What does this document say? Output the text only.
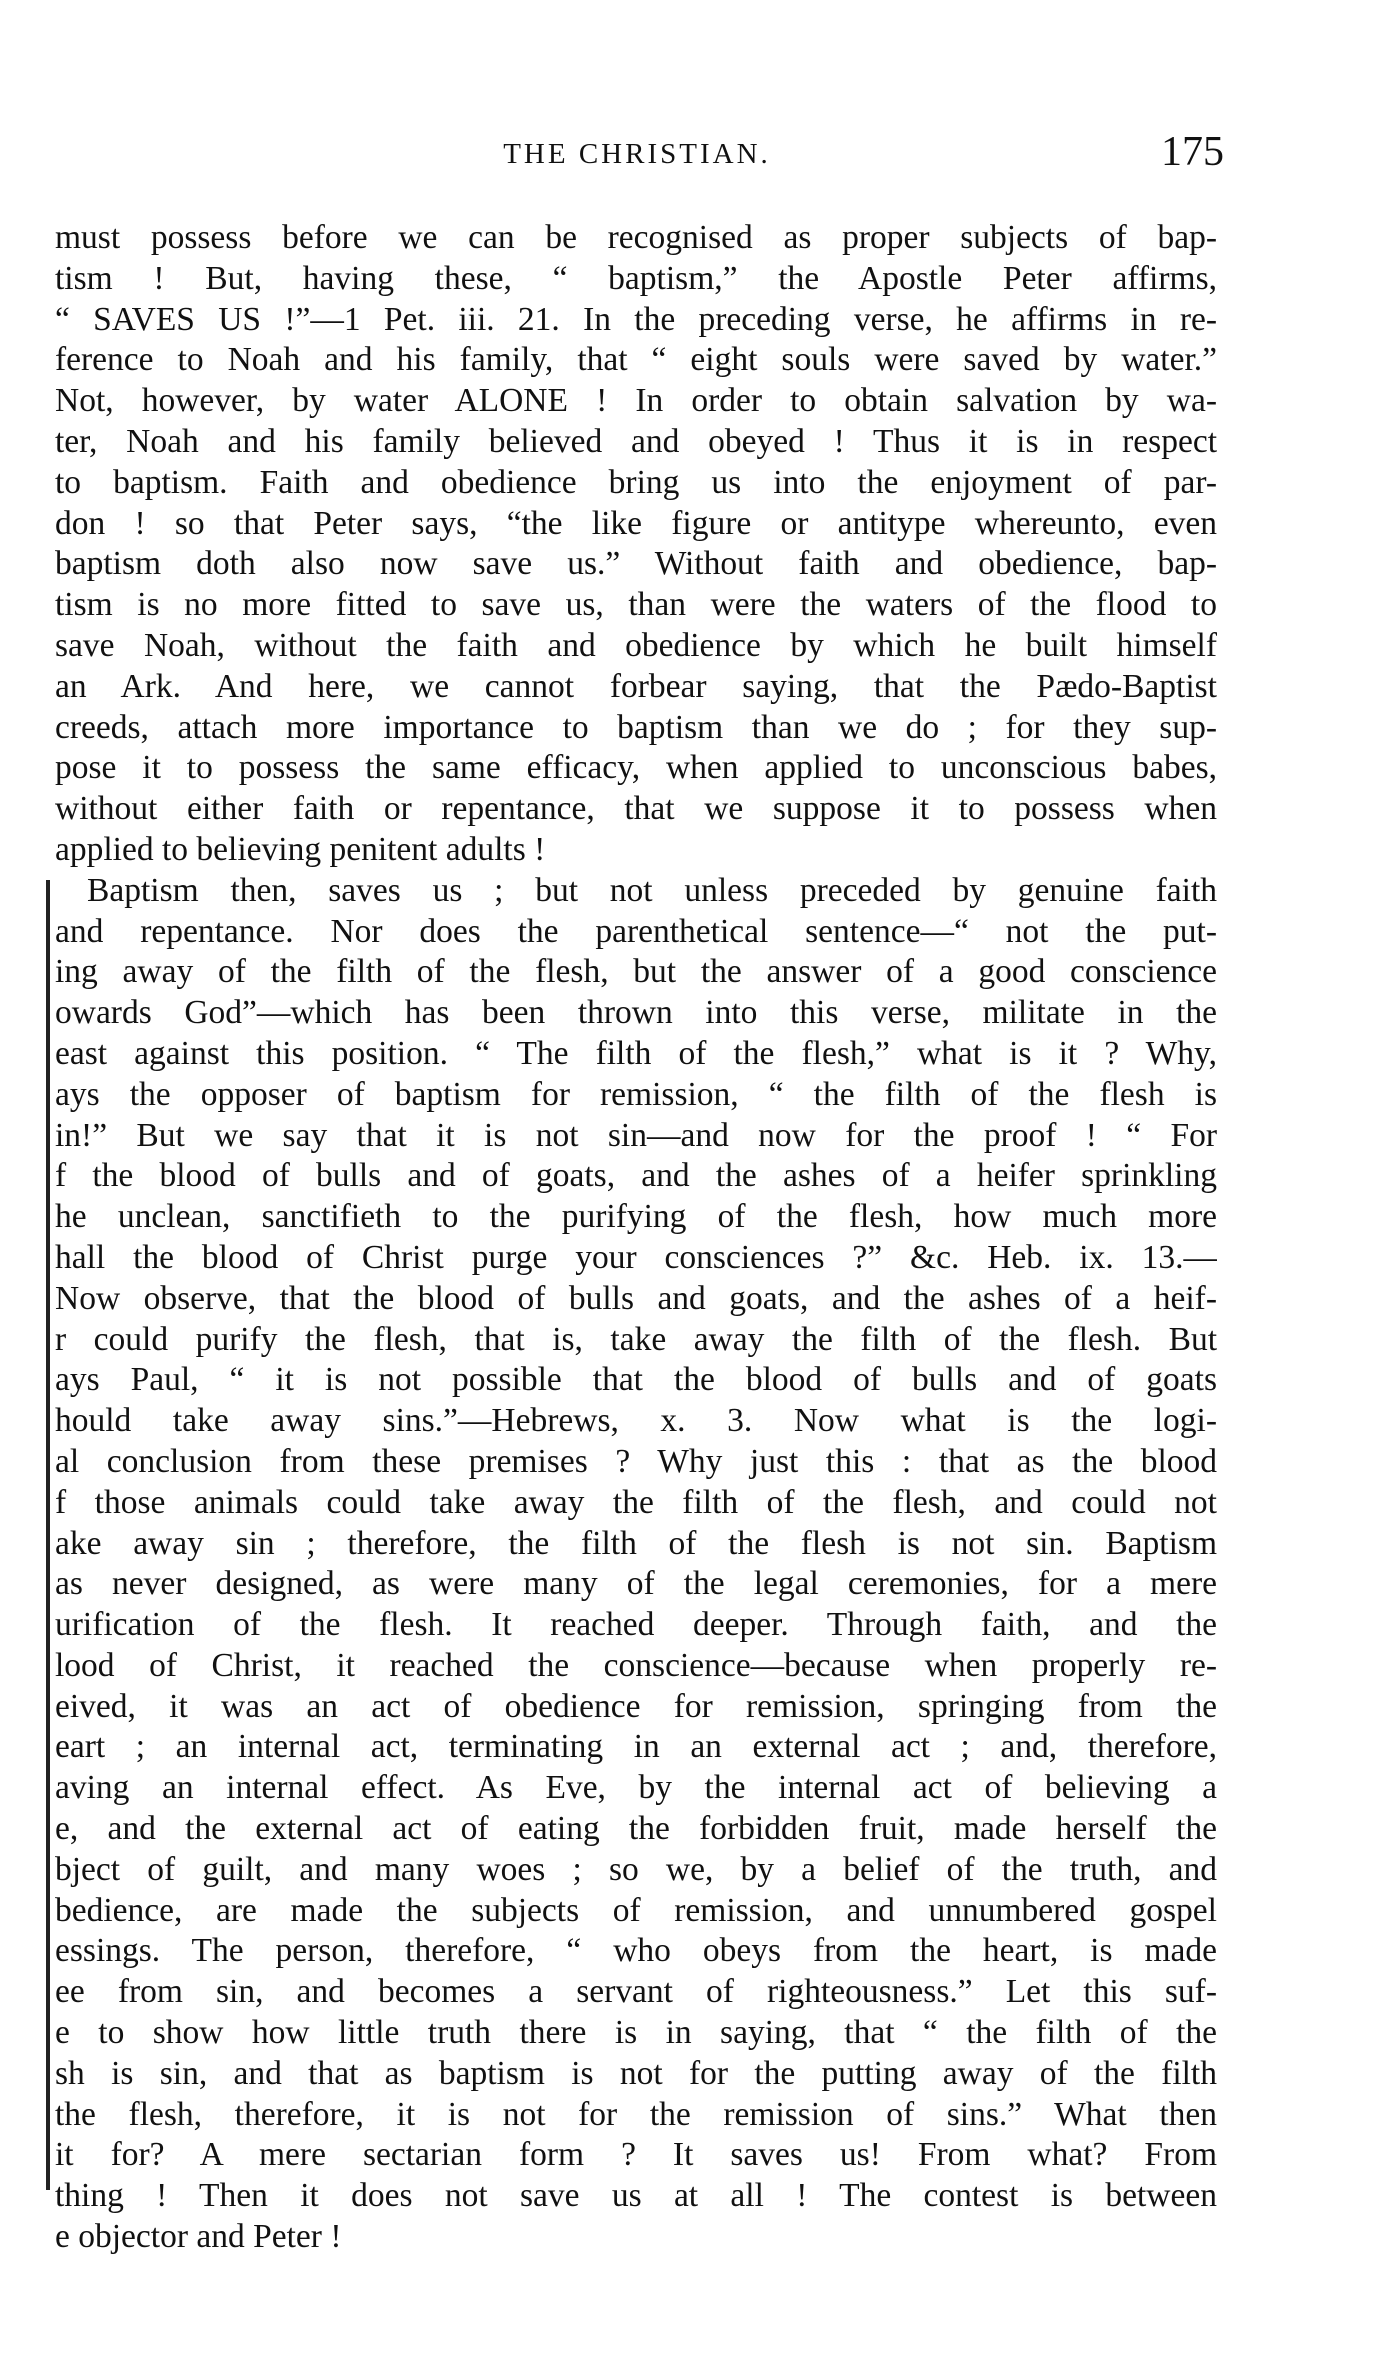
THE CHRISTIAN.	175
must possess before we can be recognised as proper subjects of bap-
tism ! But, having these, “ baptism,” the Apostle Peter affirms,
“ SAVES US !”—1 Pet. iii. 21. In the preceding verse, he affirms in re-
ference to Noah and his family, that “ eight souls were saved by water.”
Not, however, by water ALONE ! In order to obtain salvation by wa-
ter, Noah and his family believed and obeyed ! Thus it is in respect
to baptism. Faith and obedience bring us into the enjoyment of par-
don ! so that Peter says, “the like figure or antitype whereunto, even
baptism doth also now save us.” Without faith and obedience, bap-
tism is no more fitted to save us, than were the waters of the flood to
save Noah, without the faith and obedience by which he built himself
an Ark. And here, we cannot forbear saying, that the Pædo-Baptist
creeds, attach more importance to baptism than we do ; for they sup-
pose it to possess the same efficacy, when applied to unconscious babes,
without either faith or repentance, that we suppose it to possess when
applied to believing penitent adults !
Baptism then, saves us ; but not unless preceded by genuine faith
and repentance. Nor does the parenthetical sentence—“ not the put-
ing away of the filth of the flesh, but the answer of a good conscience
owards God”—which has been thrown into this verse, militate in the
east against this position. “ The filth of the flesh,” what is it ? Why,
ays the opposer of baptism for remission, “ the filth of the flesh is
in!” But we say that it is not sin—and now for the proof ! “ For
f the blood of bulls and of goats, and the ashes of a heifer sprinkling
he unclean, sanctifieth to the purifying of the flesh, how much more
hall the blood of Christ purge your consciences ?” &c. Heb. ix. 13.—
Now observe, that the blood of bulls and goats, and the ashes of a heif-
r could purify the flesh, that is, take away the filth of the flesh. But
ays Paul, “ it is not possible that the blood of bulls and of goats
hould take away sins.”—Hebrews, x. 3. Now what is the logi-
al conclusion from these premises ? Why just this : that as the blood
f those animals could take away the filth of the flesh, and could not
ake away sin ; therefore, the filth of the flesh is not sin. Baptism
as never designed, as were many of the legal ceremonies, for a mere
urification of the flesh. It reached deeper. Through faith, and the
lood of Christ, it reached the conscience—because when properly re-
eived, it was an act of obedience for remission, springing from the
eart ; an internal act, terminating in an external act ; and, therefore,
aving an internal effect. As Eve, by the internal act of believing a
e, and the external act of eating the forbidden fruit, made herself the
bject of guilt, and many woes ; so we, by a belief of the truth, and
bedience, are made the subjects of remission, and unnumbered gospel
essings. The person, therefore, “ who obeys from the heart, is made
ee from sin, and becomes a servant of righteousness.” Let this suf-
e to show how little truth there is in saying, that “ the filth of the
sh is sin, and that as baptism is not for the putting away of the filth
the flesh, therefore, it is not for the remission of sins.” What then
it for? A mere sectarian form ? It saves us! From what? From
thing ! Then it does not save us at all ! The contest is between
e objector and Peter !
